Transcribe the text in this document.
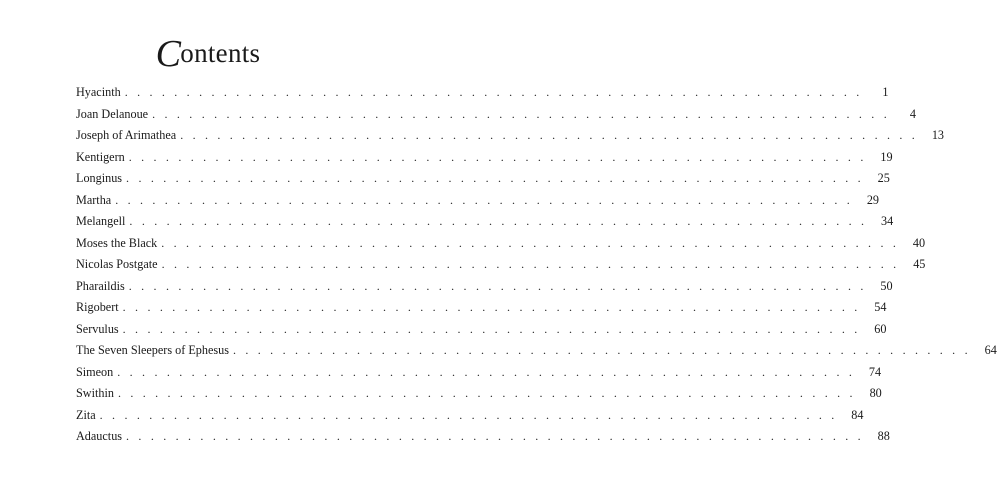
Contents
Hyacinth . . . . . . . . . . . . . . . . . . . . . . . . . . . . . . . . . . . . . . . . . . . . . . . . . . . . . . . . . . . .	1
Joan Delanoue . . . . . . . . . . . . . . . . . . . . . . . . . . . . . . . . . . . . . . . . . . . . . . . . . . . . . . . . . . . .	4
Joseph of Arimathea . . . . . . . . . . . . . . . . . . . . . . . . . . . . . . . . . . . . . . . . . . . . . . . . . . . . . . . . . . . .	13
Kentigern . . . . . . . . . . . . . . . . . . . . . . . . . . . . . . . . . . . . . . . . . . . . . . . . . . . . . . . . . . . .	19
Longinus . . . . . . . . . . . . . . . . . . . . . . . . . . . . . . . . . . . . . . . . . . . . . . . . . . . . . . . . . . . .	25
Martha . . . . . . . . . . . . . . . . . . . . . . . . . . . . . . . . . . . . . . . . . . . . . . . . . . . . . . . . . . . .	29
Melangell . . . . . . . . . . . . . . . . . . . . . . . . . . . . . . . . . . . . . . . . . . . . . . . . . . . . . . . . . . . .	34
Moses the Black . . . . . . . . . . . . . . . . . . . . . . . . . . . . . . . . . . . . . . . . . . . . . . . . . . . . . . . . . . . .	40
Nicolas Postgate . . . . . . . . . . . . . . . . . . . . . . . . . . . . . . . . . . . . . . . . . . . . . . . . . . . . . . . . . . . .	45
Pharaildis . . . . . . . . . . . . . . . . . . . . . . . . . . . . . . . . . . . . . . . . . . . . . . . . . . . . . . . . . . . .	50
Rigobert . . . . . . . . . . . . . . . . . . . . . . . . . . . . . . . . . . . . . . . . . . . . . . . . . . . . . . . . . . . .	54
Servulus . . . . . . . . . . . . . . . . . . . . . . . . . . . . . . . . . . . . . . . . . . . . . . . . . . . . . . . . . . . .	60
The Seven Sleepers of Ephesus . . . . . . . . . . . . . . . . . . . . . . . . . . . . . . . . . . . . . . . . . . . . . . . . . . . . . . . . . . . .	64
Simeon . . . . . . . . . . . . . . . . . . . . . . . . . . . . . . . . . . . . . . . . . . . . . . . . . . . . . . . . . . . .	74
Swithin . . . . . . . . . . . . . . . . . . . . . . . . . . . . . . . . . . . . . . . . . . . . . . . . . . . . . . . . . . . .	80
Zita . . . . . . . . . . . . . . . . . . . . . . . . . . . . . . . . . . . . . . . . . . . . . . . . . . . . . . . . . . . .	84
Adauctus . . . . . . . . . . . . . . . . . . . . . . . . . . . . . . . . . . . . . . . . . . . . . . . . . . . . . . . . . . . .	88
